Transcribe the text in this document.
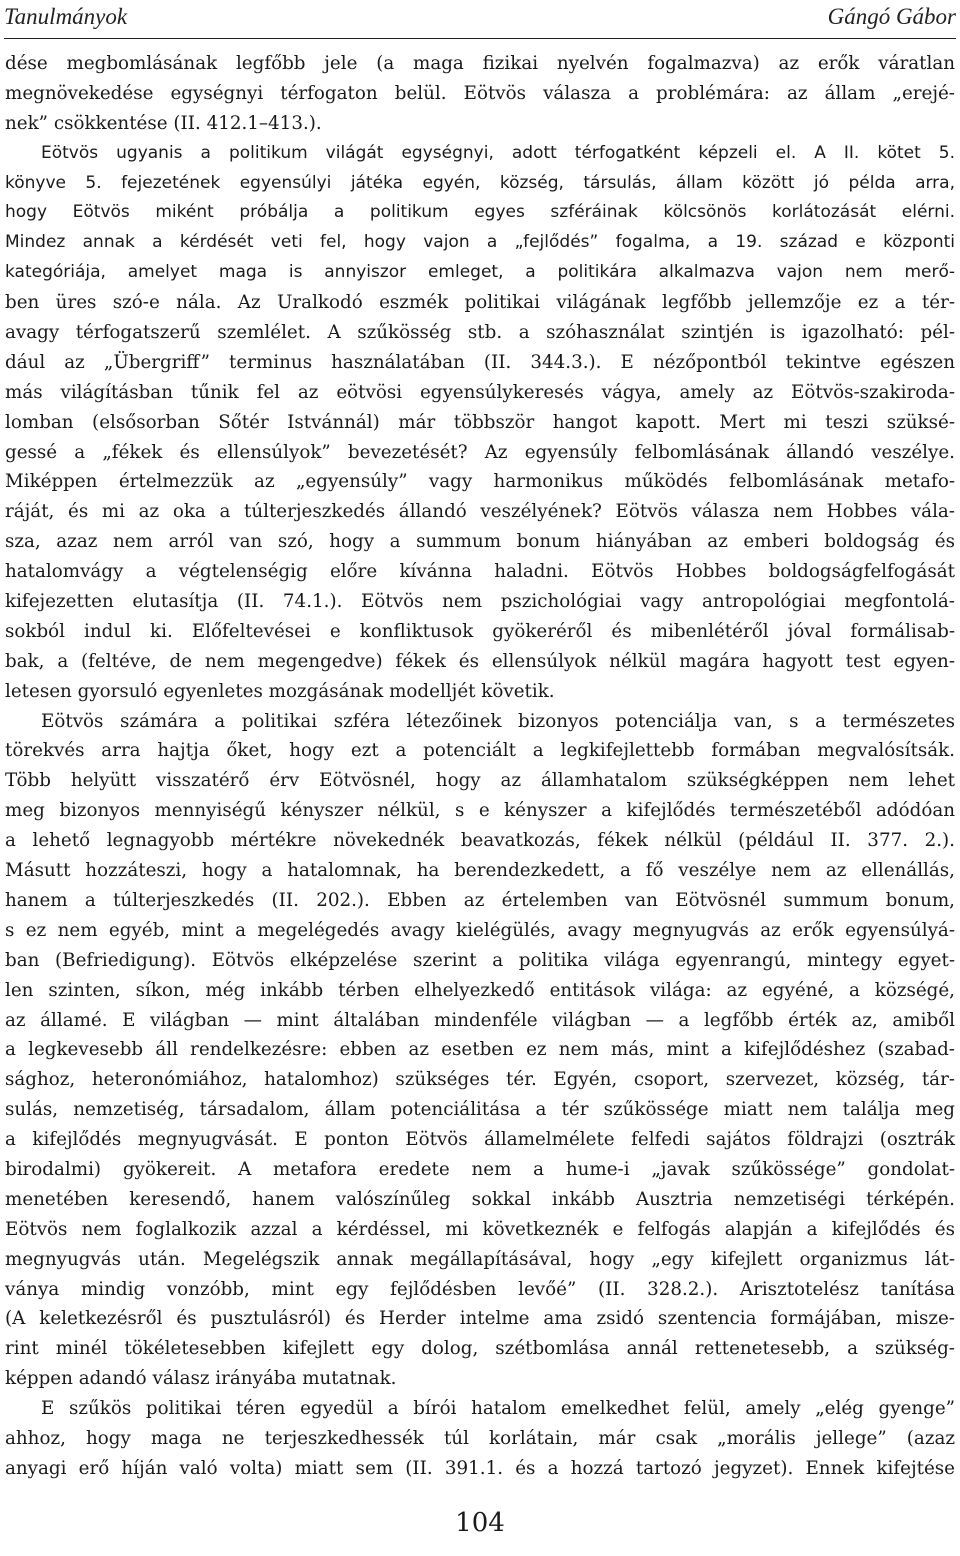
Tanulmányok	Gángó Gábor
dése megbomlásának legfőbb jele (a maga fizikai nyelvén fogalmazva) az erők váratlan
megnövekedése egységnyi térfogaton belül. Eötvös válasza a problémára: az állam „erejé-
nek” csökkentése (II. 412.1–413.).
Eötvös ugyanis a politikum világát egységnyi, adott térfogatként képzeli el. A II. kötet 5.
könyve 5. fejezetének egyensúlyi játéka egyén, község, társulás, állam között jó példa arra,
hogy Eötvös miként próbálja a politikum egyes szféráinak kölcsönös korlátozását elérni.
Mindez annak a kérdését veti fel, hogy vajon a „fejlődés” fogalma, a 19. század e központi
kategóriája, amelyet maga is annyiszor emleget, a politikára alkalmazva vajon nem merő-
ben üres szó-e nála. Az Uralkodó eszmék politikai világának legfőbb jellemzője ez a tér-
avagy térfogatszerű szemlélet. A szűkösség stb. a szóhasználat szintjén is igazolható: pél-
dául az „Übergriff” terminus használatában (II. 344.3.). E nézőpontból tekintve egészen
más világításban tűnik fel az eötvösi egyensúlykeresés vágya, amely az Eötvös-szakiroda-
lomban (elsősorban Sőtér Istvánnál) már többször hangot kapott. Mert mi teszi szüksé-
gessé a „fékek és ellensúlyok” bevezetését? Az egyensúly felbomlásának állandó veszélye.
Miképpen értelmezzük az „egyensúly” vagy harmonikus működés felbomlásának metafo-
ráját, és mi az oka a túlterjeszkedés állandó veszélyének? Eötvös válasza nem Hobbes vála-
sza, azaz nem arról van szó, hogy a summum bonum hiányában az emberi boldogság és
hatalomvágy a végtelenségig előre kívánna haladni. Eötvös Hobbes boldogságfelfogását
kifejezetten elutasítja (II. 74.1.). Eötvös nem pszichológiai vagy antropológiai megfontolá-
sokból indul ki. Előfeltevései e konfliktusok gyökeréről és mibenlétéről jóval formálisab-
bak, a (feltéve, de nem megengedve) fékek és ellensúlyok nélkül magára hagyott test egyen-
letesen gyorsuló egyenletes mozgásának modelljét követik.
Eötvös számára a politikai szféra létezőinek bizonyos potenciálja van, s a természetes
törekvés arra hajtja őket, hogy ezt a potenciált a legkifejlettebb formában megvalósítsák.
Több helyütt visszatérő érv Eötvösnél, hogy az államhatalom szükségképpen nem lehet
meg bizonyos mennyiségű kényszer nélkül, s e kényszer a kifejlődés természetéből adódóan
a lehető legnagyobb mértékre növekednék beavatkozás, fékek nélkül (például II. 377. 2.).
Másutt hozzáteszi, hogy a hatalomnak, ha berendezkedett, a fő veszélye nem az ellenállás,
hanem a túlterjeszkedés (II. 202.). Ebben az értelemben van Eötvösnél summum bonum,
s ez nem egyéb, mint a megelégedés avagy kielégülés, avagy megnyugvás az erők egyensúlyá-
ban (Befriedigung). Eötvös elképzelése szerint a politika világa egyenrangú, mintegy egyet-
len szinten, síkon, még inkább térben elhelyezkedő entitások világa: az egyéné, a községé,
az államé. E világban — mint általában mindenféle világban — a legfőbb érték az, amiből
a legkevesebb áll rendelkezésre: ebben az esetben ez nem más, mint a kifejlődéshez (szabad-
sághoz, heteronómiához, hatalomhoz) szükséges tér. Egyén, csoport, szervezet, község, tár-
sulás, nemzetiség, társadalom, állam potenciálitása a tér szűkössége miatt nem találja meg
a kifejlődés megnyugvását. E ponton Eötvös államelmélete felfedi sajátos földrajzi (osztrák
birodalmi) gyökereit. A metafora eredete nem a hume-i „javak szűkössége” gondolat-
menetében keresendő, hanem valószínűleg sokkal inkább Ausztria nemzetiségi térképén.
Eötvös nem foglalkozik azzal a kérdéssel, mi következnék e felfogás alapján a kifejlődés és
megnyugvás után. Megelégszik annak megállapításával, hogy „egy kifejlett organizmus lát-
ványa mindig vonzóbb, mint egy fejlődésben levőé” (II. 328.2.). Arisztotelész tanítása
(A keletkezésről és pusztulásról) és Herder intelme ama zsidó szentencia formájában, misze-
rint minél tökéletesebben kifejlett egy dolog, szétbomlása annál rettenetesebb, a szükség-
képpen adandó válasz irányába mutatnak.
E szűkös politikai téren egyedül a bírói hatalom emelkedhet felül, amely „elég gyenge”
ahhoz, hogy maga ne terjeszkedhessék túl korlátain, már csak „morális jellege” (azaz
anyagi erő híján való volta) miatt sem (II. 391.1. és a hozzá tartozó jegyzet). Ennek kifejtése
104
